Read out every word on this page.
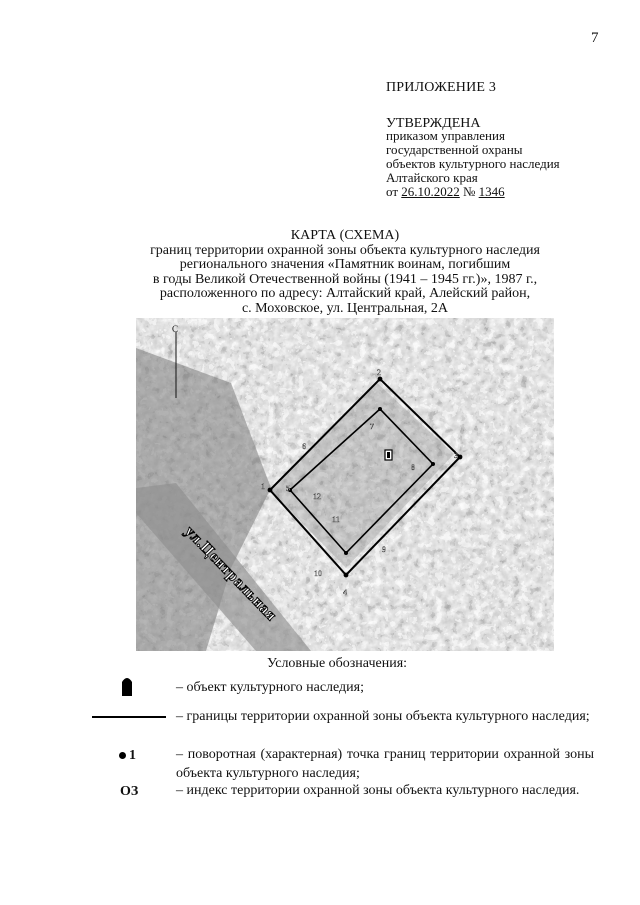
7
ПРИЛОЖЕНИЕ 3
УТВЕРЖДЕНА
приказом управления
государственной охраны
объектов культурного наследия
Алтайского края
от 26.10.2022 № 1346
КАРТА (СХЕМА)
границ территории охранной зоны объекта культурного наследия
регионального значения «Памятник воинам, погибшим
в годы Великой Отечественной войны (1941 – 1945 гг.)», 1987 г.,
расположенного по адресу: Алтайский край, Алейский район,
с. Моховское, ул. Центральная, 2А
С
1
2
3
4
5
6
7
8
9
10
11
12
ул.Центральная
Условные обозначения:
– объект культурного наследия;
– границы территории охранной зоны объекта культурного наследия;
1	– поворотная (характерная) точка границ территории охранной зоны объекта культурного наследия;
ОЗ	– индекс территории охранной зоны объекта культурного наследия.
